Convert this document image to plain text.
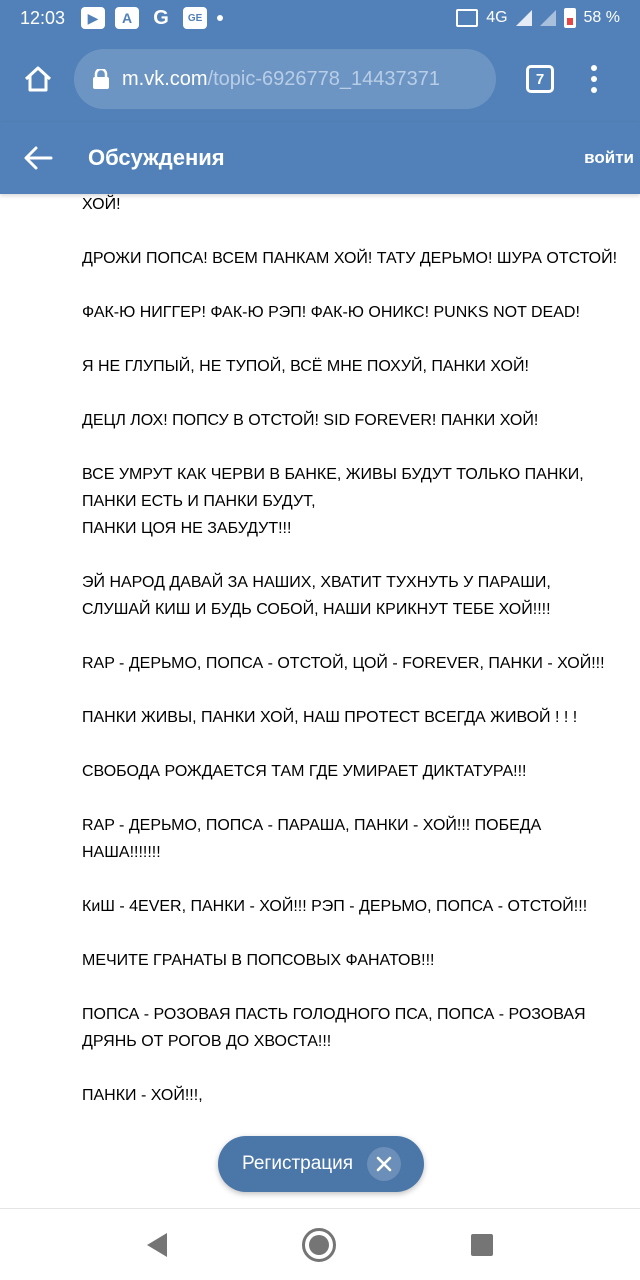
12:03	▶	A	G	GE	4G	58 %
m.vk.com /topic-6926778_14437371	7
Обсуждения	войти
ХОЙ!

ДРОЖИ ПОПСА! ВСЕМ ПАНКАМ ХОЙ! ТАТУ ДЕРЬМО! ШУРА ОТСТОЙ!

ФАК-Ю НИГГЕР! ФАК-Ю РЭП! ФАК-Ю ОНИКС! PUNKS NOT DEAD!

Я НЕ ГЛУПЫЙ, НЕ ТУПОЙ, ВСЁ МНЕ ПОХУЙ, ПАНКИ ХОЙ!

ДЕЦЛ ЛОХ! ПОПСУ В ОТСТОЙ! SID FOREVER! ПАНКИ ХОЙ!

ВСЕ УМРУТ КАК ЧЕРВИ В БАНКЕ, ЖИВЫ БУДУТ ТОЛЬКО ПАНКИ, ПАНКИ ЕСТЬ И ПАНКИ БУДУТ,
ПАНКИ ЦОЯ НЕ ЗАБУДУТ!!!

ЭЙ НАРОД ДАВАЙ ЗА НАШИХ, ХВАТИТ ТУХНУТЬ У ПАРАШИ, СЛУШАЙ КИШ И БУДЬ СОБОЙ, НАШИ КРИКНУТ ТЕБЕ ХОЙ!!!!

RAP - ДЕРЬМО, ПОПСА - ОТСТОЙ, ЦОЙ - FOREVER, ПАНКИ - ХОЙ!!!

ПАНКИ ЖИВЫ, ПАНКИ ХОЙ, НАШ ПРОТЕСТ ВСЕГДА ЖИВОЙ ! ! !

СВОБОДА РОЖДАЕТСЯ ТАМ ГДЕ УМИРАЕТ ДИКТАТУРА!!!

RAP - ДЕРЬМО, ПОПСА - ПАРАША, ПАНКИ - ХОЙ!!! ПОБЕДА НАША!!!!!!!

КиШ - 4EVER, ПАНКИ - ХОЙ!!! РЭП - ДЕРЬМО, ПОПСА - ОТСТОЙ!!!

МЕЧИТЕ ГРАНАТЫ В ПОПСОВЫХ ФАНАТОВ!!!

ПОПСА - РОЗОВАЯ ПАСТЬ ГОЛОДНОГО ПСА, ПОПСА - РОЗОВАЯ ДРЯНЬ ОТ РОГОВ ДО ХВОСТА!!!

ПАНКИ - ХОЙ!!!,
Регистрация
